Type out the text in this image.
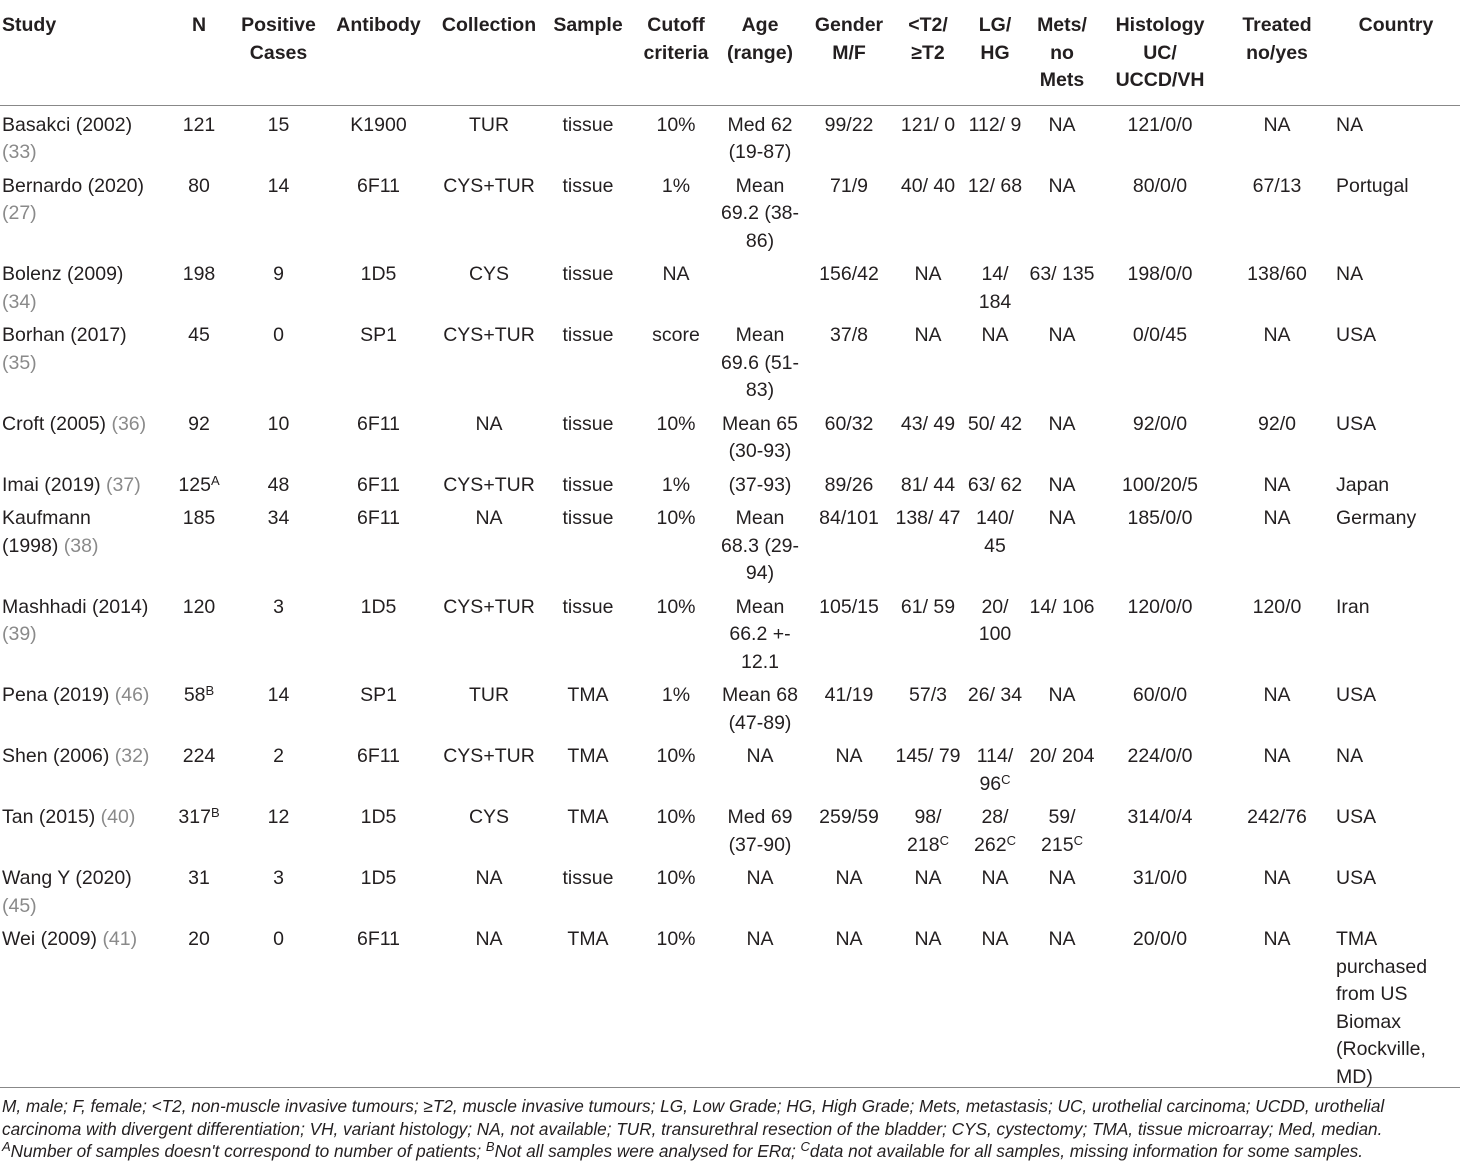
Study	N	Positive Cases	Antibody	Collection	Sample	Cutoff criteria	Age (range)	Gender M/F	<T2/ ≥T2	LG/ HG	Mets/ no Mets	Histology UC/ UCCD/VH	Treated no/yes	Country
Basakci (2002) (33)	121	15	K1900	TUR	tissue	10%	Med 62 (19-87)	99/22	121/ 0	112/ 9	NA	121/0/0	NA	NA
Bernardo (2020) (27)	80	14	6F11	CYS+TUR	tissue	1%	Mean 69.2 (38-86)	71/9	40/ 40	12/ 68	NA	80/0/0	67/13	Portugal
Bolenz (2009) (34)	198	9	1D5	CYS	tissue	NA		156/42	NA	14/ 184	63/ 135	198/0/0	138/60	NA
Borhan (2017) (35)	45	0	SP1	CYS+TUR	tissue	score	Mean 69.6 (51-83)	37/8	NA	NA	NA	0/0/45	NA	USA
Croft (2005) (36)	92	10	6F11	NA	tissue	10%	Mean 65 (30-93)	60/32	43/ 49	50/ 42	NA	92/0/0	92/0	USA
Imai (2019) (37)	$125^A$	48	6F11	CYS+TUR	tissue	1%	(37-93)	89/26	81/ 44	63/ 62	NA	100/20/5	NA	Japan
Kaufmann (1998) (38)	185	34	6F11	NA	tissue	10%	Mean 68.3 (29-94)	84/101	138/ 47	140/ 45	NA	185/0/0	NA	Germany
Mashhadi (2014) (39)	120	3	1D5	CYS+TUR	tissue	10%	Mean 66.2 +- 12.1	105/15	61/ 59	20/ 100	14/ 106	120/0/0	120/0	Iran
Pena (2019) (46)	$58^B$	14	SP1	TUR	TMA	1%	Mean 68 (47-89)	41/19	57/3	26/ 34	NA	60/0/0	NA	USA
Shen (2006) (32)	224	2	6F11	CYS+TUR	TMA	10%	NA	NA	145/ 79	114/ $96^C$	20/ 204	224/0/0	NA	NA
Tan (2015) (40)	$317^B$	12	1D5	CYS	TMA	10%	Med 69 (37-90)	259/59	98/ $218^C$	28/ $262^C$	59/ $215^C$	314/0/4	242/76	USA
Wang Y (2020) (45)	31	3	1D5	NA	tissue	10%	NA	NA	NA	NA	NA	31/0/0	NA	USA
Wei (2009) (41)	20	0	6F11	NA	TMA	10%	NA	NA	NA	NA	NA	20/0/0	NA	TMA purchased from US Biomax (Rockville, MD)

M, male; F, female; <T2, non-muscle invasive tumours; ≥T2, muscle invasive tumours; LG, Low Grade; HG, High Grade; Mets, metastasis; UC, urothelial carcinoma; UCDD, urothelial carcinoma with divergent differentiation; VH, variant histology; NA, not available; TUR, transurethral resection of the bladder; CYS, cystectomy; TMA, tissue microarray; Med, median.

$^A$Number of samples doesn't correspond to number of patients; $^B$Not all samples were analysed for ERα; $^C$data not available for all samples, missing information for some samples.
